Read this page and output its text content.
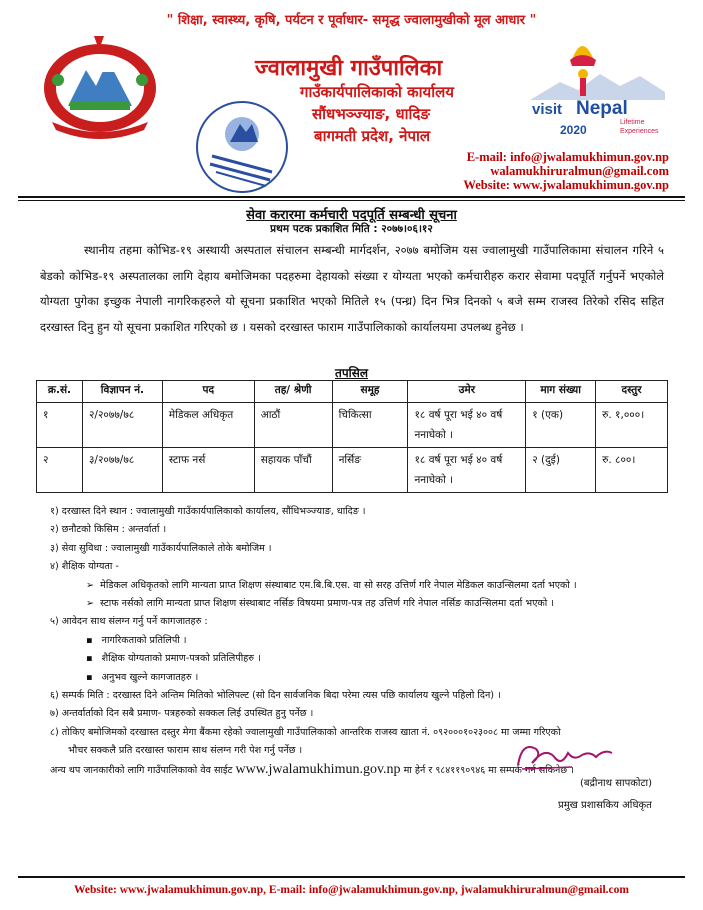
" शिक्षा, स्वास्थ्य, कृषि, पर्यटन र पूर्वाधार- समृद्ध ज्वालामुखीको मूल आधार "
ज्वालामुखी गाउँपालिका
गाउँकार्यपालिकाको कार्यालय
सौंधभञ्ज्याङ, धादिङ
बागमती प्रदेश, नेपाल
visit Nepal
2020
Lifetime
Experiences
E-mail: info@jwalamukhimun.gov.np
walamukhiruralmun@gmail.com
Website: www.jwalamukhimun.gov.np
सेवा करारमा कर्मचारी पदपूर्ति सम्बन्धी सूचना
प्रथम पटक प्रकाशित मिति : २०७७।०६।१२
स्थानीय तहमा कोभिड-१९ अस्थायी अस्पताल संचालन सम्बन्धी मार्गदर्शन, २०७७ बमोजिम यस ज्वालामुखी गाउँपालिकामा संचालन गरिने ५ बेडको कोभिड-१९ अस्पतालका लागि देहाय बमोजिमका पदहरुमा देहायको संख्या र योग्यता भएको कर्मचारीहरु करार सेवामा पदपूर्ति गर्नुपर्ने भएकोले योग्यता पुगेका इच्छुक नेपाली नागरिकहरुले यो सूचना प्रकाशित भएको मितिले १५ (पन्ध्र) दिन भित्र दिनको ५ बजे सम्म राजस्व तिरेको रसिद सहित दरखास्त दिनु हुन यो सूचना प्रकाशित गरिएको छ । यसको दरखास्त फाराम गाउँपालिकाको कार्यालयमा उपलब्ध हुनेछ ।
तपसिल
क्र.सं.	विज्ञापन नं.	पद	तह/ श्रेणी	समूह	उमेर	माग संख्या	दस्तुर
१	२/२०७७/७८	मेडिकल अधिकृत	आठौं	चिकित्सा	१८ वर्ष पूरा भई ४० वर्ष ननाघेको ।	१ (एक)	रु. १,०००।
२	३/२०७७/७८	स्टाफ नर्स	सहायक पाँचौं	नर्सिङ	१८ वर्ष पूरा भई ४० वर्ष ननाघेको ।	२ (दुई)	रु. ८००।
१) दरखास्त दिने स्थान : ज्वालामुखी गाउँकार्यपालिकाको कार्यालय, सौंधिभञ्ज्याङ, धादिङ ।
२) छनौटको किसिम : अन्तर्वार्ता ।
३) सेवा सुविधा : ज्वालामुखी गाउँकार्यपालिकाले तोके बमोजिम ।
४) शैक्षिक योग्यता -
➢  मेडिकल अधिकृतको लागि मान्यता प्राप्त शिक्षण संस्थाबाट एम.बि.बि.एस. वा सो सरह उत्तिर्ण गरि नेपाल मेडिकल काउन्सिलमा दर्ता भएको ।
➢  स्टाफ नर्सको लागि मान्यता प्राप्त शिक्षण संस्थाबाट नर्सिङ विषयमा प्रमाण-पत्र तह उत्तिर्ण गरि नेपाल नर्सिङ काउन्सिलमा दर्ता भएको ।
५) आवेदन साथ संलग्न गर्नु पर्ने कागजातहरु :
▪   नागरिकताको प्रतिलिपी ।
▪   शैक्षिक योग्यताको प्रमाण-पत्रको प्रतिलिपीहरु ।
▪   अनुभव खुल्ने कागजातहरु ।
६) सम्पर्क मिति : दरखास्त दिने अन्तिम मितिको भोलिपल्ट (सो दिन सार्वजनिक बिदा परेमा त्यस पछि कार्यालय खुल्ने पहिलो दिन) ।
७) अन्तर्वार्ताको दिन सबै प्रमाण- पत्रहरुको सक्कल लिई उपस्थित हुनु पर्नेछ ।
८) तोकिए बमोजिमको दरखास्त दस्तुर मेगा बैंकमा रहेको ज्वालामुखी गाउँपालिकाको आन्तरिक राजस्व खाता नं. ०९२०००१०२३००८ मा जम्मा गरिएको
भौचर सक्कलै प्रति दरखास्त फाराम साथ संलग्न गरी पेश गर्नु पर्नेछ ।
अन्य थप जानकारीको लागि गाउँपालिकाको वेव साईट www.jwalamukhimun.gov.np मा हेर्न र ९८४११९०९४६ मा सम्पर्क गर्न सकिनेछ ।
(बद्रीनाथ सापकोटा)
प्रमुख प्रशासकिय अधिकृत
Website: www.jwalamukhimun.gov.np, E-mail: info@jwalamukhimun.gov.np, jwalamukhiruralmun@gmail.com
